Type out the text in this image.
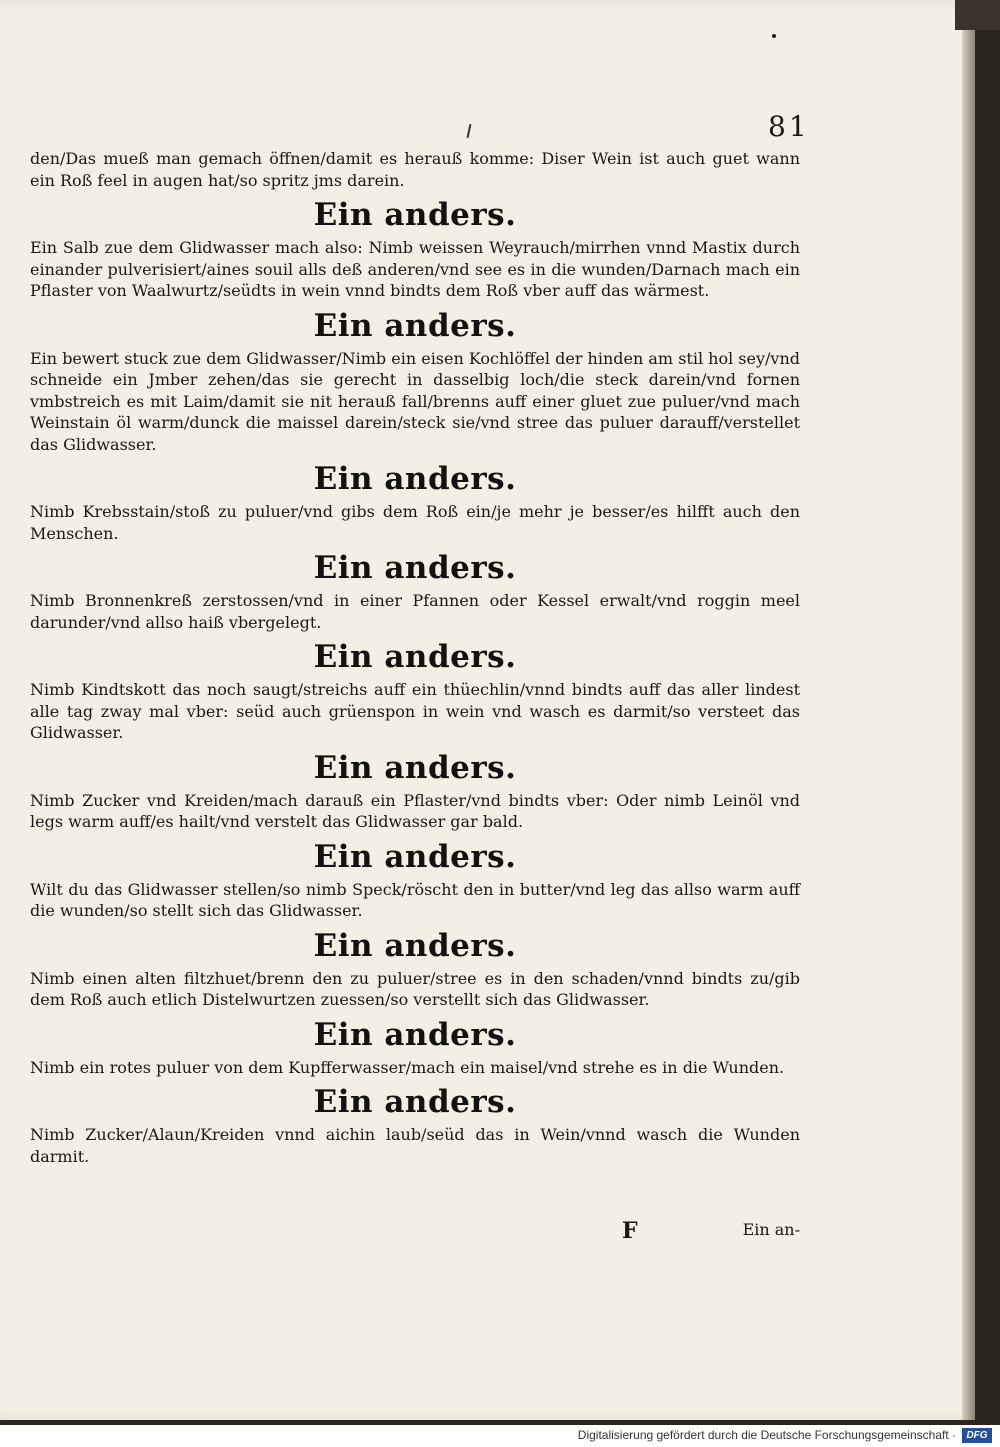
81

den/Das mueß man gemach öffnen/damit es herauß komme: Diser Wein ist auch guet wann ein Roß feel in augen hat/so spritz jms darein.

Ein anders.

Ein Salb zue dem Glidwasser mach also: Nimb weissen Weyrauch/mirrhen vnnd Mastix durch einander pulverisiert/aines souil alls deß anderen/vnd see es in die wunden/Darnach mach ein Pflaster von Waalwurtz/seüdts in wein vnnd bindts dem Roß vber auff das wärmest.

Ein anders.

Ein bewert stuck zue dem Glidwasser/Nimb ein eisen Kochlöffel der hinden am stil hol sey/vnd schneide ein Jmber zehen/das sie gerecht in dasselbig loch/die steck darein/vnd fornen vmbstreich es mit Laim/damit sie nit herauß fall/brenns auff einer gluet zue puluer/vnd mach Weinstain öl warm/dunck die maissel darein/steck sie/vnd stree das puluer darauff/verstellet das Glidwasser.

Ein anders.

Nimb Krebsstain/stoß zu puluer/vnd gibs dem Roß ein/je mehr je besser/es hilfft auch den Menschen.

Ein anders.

Nimb Bronnenkreß zerstossen/vnd in einer Pfannen oder Kessel erwalt/vnd roggin meel darunder/vnd allso haiß vbergelegt.

Ein anders.

Nimb Kindtskott das noch saugt/streichs auff ein thüechlin/vnnd bindts auff das aller lindest alle tag zway mal vber: seüd auch grüenspon in wein vnd wasch es darmit/so versteet das Glidwasser.

Ein anders.

Nimb Zucker vnd Kreiden/mach darauß ein Pflaster/vnd bindts vber: Oder nimb Leinöl vnd legs warm auff/es hailt/vnd verstelt das Glidwasser gar bald.

Ein anders.

Wilt du das Glidwasser stellen/so nimb Speck/röscht den in butter/vnd leg das allso warm auff die wunden/so stellt sich das Glidwasser.

Ein anders.

Nimb einen alten filtzhuet/brenn den zu puluer/stree es in den schaden/vnnd bindts zu/gib dem Roß auch etlich Distelwurtzen zuessen/so verstellt sich das Glidwasser.

Ein anders.

Nimb ein rotes puluer von dem Kupfferwasser/mach ein maisel/vnd strehe es in die Wunden.

Ein anders.

Nimb Zucker/Alaun/Kreiden vnnd aichin laub/seüd das in Wein/vnnd wasch die Wunden darmit.

F	Ein an-
Digitalisierung gefördert durch die Deutsche Forschungsgemeinschaft ·	DFG
